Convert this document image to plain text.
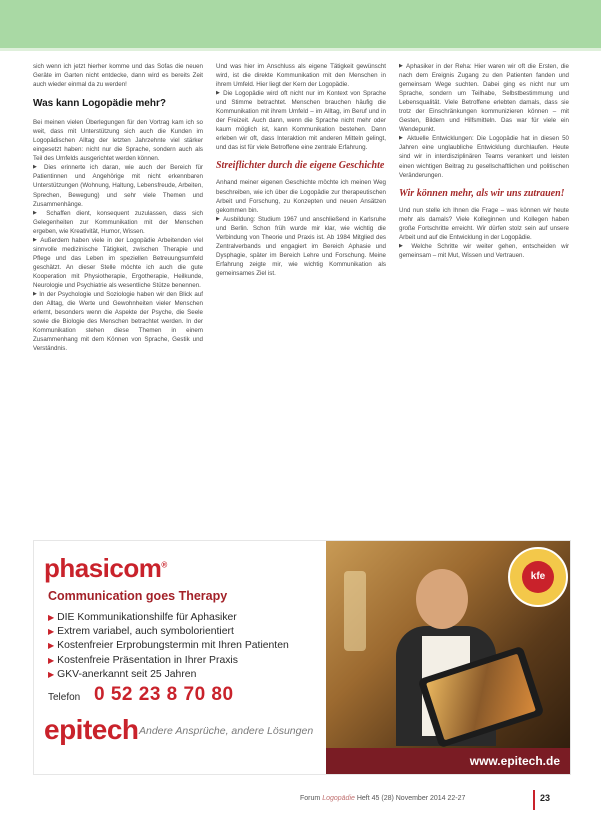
sich wenn ich jetzt hierher komme und das Sofas die neuen Geräte im Garten nicht entdecke, dann wird es bereits Zeit auch wieder einmal da zu werden!

Was kann Logopädie mehr?

Bei meinen vielen Überlegungen für den Vortrag kam ich so weit, dass mit Unterstützung sich auch die Kunden im Logopädischen Alltag der letzten Jahrzehnte viel stärker eingesetzt haben: nicht nur die Sprache, sondern auch als Teil des Umfelds ausgerichtet werden können.

▶ Dies erinnerte ich daran, wie auch der Bereich für Patientinnen und Angehörige mit nicht erkennbaren Unterstützungen (Wohnung, Haltung, Lebensfreude, Arbeiten, Sprechen, Bewegung) und sehr viele Themen und Zusammenhänge.

▶ Schaffen dient, konsequent zuzulassen, dass sich Gelegenheiten zur Kommunikation mit der Menschen ergeben, wie Kreativität, Humor, Wissen.

▶ Außerdem haben viele in der Logopädie Arbeitenden viel sinnvolle medizinische Tätigkeit, zwischen Therapie und Pflege und das Leben im speziellen Betreuungsumfeld geschätzt. An dieser Stelle möchte ich auch die gute Kooperation mit Physiotherapie, Ergotherapie, Heilkunde, Neurologie und Psychiatrie als wesentliche Stütze benennen.

▶ In der Psychologie und Soziologie haben wir den Blick auf den Alltag, die Werte und Gewohnheiten vieler Menschen erlernt, besonders wenn die Aspekte der Psyche, die Seele sowie die Biologie des Menschen betrachtet werden. In der Kommunikation stehen diese Themen in einem Zusammenhang mit dem Können von Sprache, Gestik und Verständnis.

Und was hier im Anschluss als eigene Tätigkeit gewünscht wird, ist die direkte Kommunikation mit den Menschen in ihrem Umfeld. Hier liegt der Kern der Logopädie.

▶ Die Logopädie wird oft nicht nur im Kontext von Sprache und Stimme betrachtet. Menschen brauchen häufig die Kommunikation mit ihrem Umfeld – im Alltag, im Beruf und in der Freizeit. Auch dann, wenn die Sprache nicht mehr oder kaum möglich ist, kann Kommunikation bestehen. Dann erleben wir oft, dass Interaktion mit anderen Mitteln gelingt, und das ist für viele Betroffene eine zentrale Erfahrung.

Streiflichter durch die eigene Geschichte

Anhand meiner eigenen Geschichte möchte ich meinen Weg beschreiben, wie ich über die Logopädie zur therapeutischen Arbeit und Forschung, zu Konzepten und neuen Ansätzen gekommen bin.

▶ Ausbildung: Studium 1967 und anschließend in Karlsruhe und Berlin. Schon früh wurde mir klar, wie wichtig die Verbindung von Theorie und Praxis ist. Ab 1984 Mitglied des Zentralverbands und engagiert im Bereich Aphasie und Dysphagie, später im Bereich Lehre und Forschung. Meine Erfahrung zeigte mir, wie wichtig Kommunikation als gemeinsames Ziel ist.

▶ Aphasiker in der Reha: Hier waren wir oft die Ersten, die nach dem Ereignis Zugang zu den Patienten fanden und gemeinsam Wege suchten. Dabei ging es nicht nur um Sprache, sondern um Teilhabe, Selbstbestimmung und Lebensqualität. Viele Betroffene erlebten damals, dass sie trotz der Einschränkungen kommunizieren können – mit Gesten, Bildern und Hilfsmitteln. Das war für viele ein Wendepunkt.

▶ Aktuelle Entwicklungen: Die Logopädie hat in diesen 50 Jahren eine unglaubliche Entwicklung durchlaufen. Heute sind wir in interdisziplinären Teams verankert und leisten einen wichtigen Beitrag zu gesellschaftlichen und politischen Veränderungen.

Wir können mehr, als wir uns zutrauen!

Und nun stelle ich Ihnen die Frage – was können wir heute mehr als damals? Viele Kolleginnen und Kollegen haben große Fortschritte erreicht. Wir dürfen stolz sein auf unsere Arbeit und auf die Entwicklung in der Logopädie.

▶ Welche Schritte wir weiter gehen, entscheiden wir gemeinsam – mit Mut, Wissen und Vertrauen.

phasicom®
Communication goes Therapy
▶ DIE Kommunikationshilfe für Aphasiker
▶ Extrem variabel, auch symbolorientiert
▶ Kostenfreier Erprobungstermin mit Ihren Patienten
▶ Kostenfreie Präsentation in Ihrer Praxis
▶ GKV-anerkannt seit 25 Jahren
Telefon 0 52 23 8 70 80
epitech Andere Ansprüche, andere Lösungen
kfe
www.epitech.de
Forum Logopädie Heft 45 (28) November 2014 22-27	23
